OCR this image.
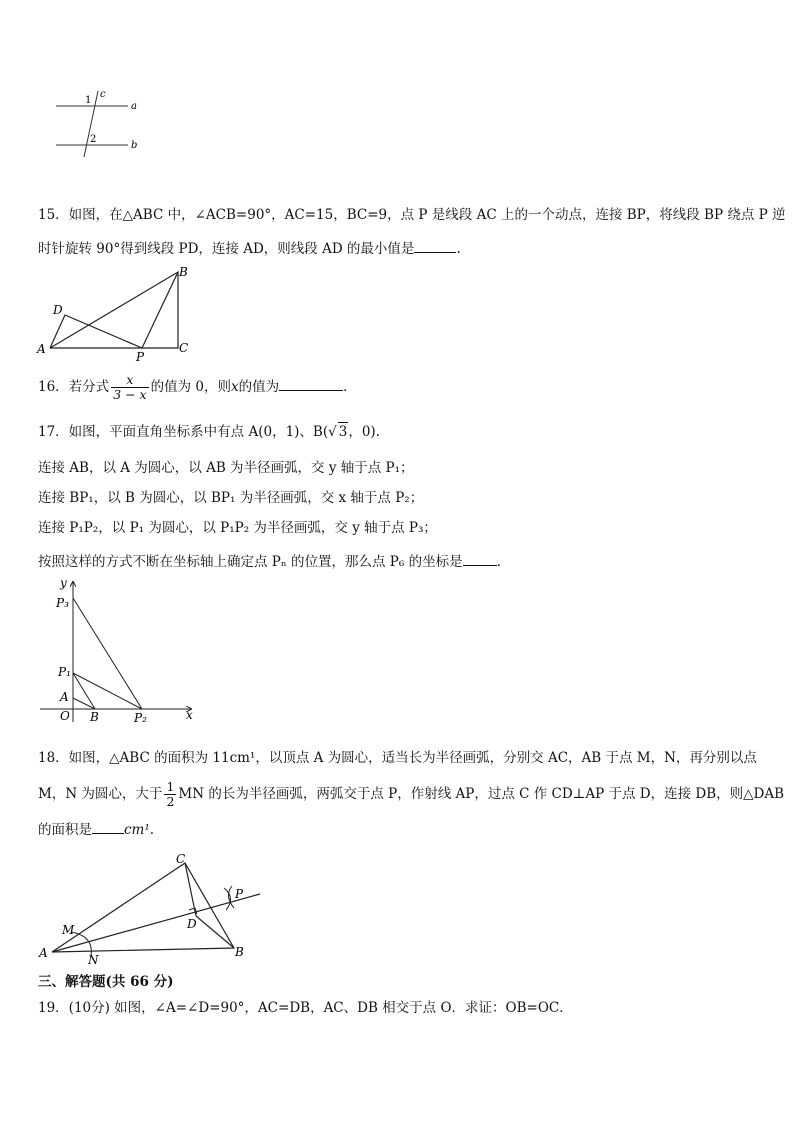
c
a
b
1
2
15．如图，在△ABC 中，∠ACB=90°，AC=15，BC=9，点 P 是线段 AC 上的一个动点，连接 BP，将线段 BP 绕点 P 逆
时针旋转 90°得到线段 PD，连接 AD，则线段 AD 的最小值是	.
A
B
C
D
P
16．若分式 $\frac{x}{3 - x}$ 的值为 0，则x的值为	.
17．如图，平面直角坐标系中有点 A(0，1)、B(√ 3，0).
连接 AB，以 A 为圆心，以 AB 为半径画弧，交 y 轴于点 P₁；
连接 BP₁，以 B 为圆心，以 BP₁ 为半径画弧，交 x 轴于点 P₂；
连接 P₁P₂，以 P₁ 为圆心，以 P₁P₂ 为半径画弧，交 y 轴于点 P₃；
按照这样的方式不断在坐标轴上确定点 Pₙ 的位置，那么点 P₆ 的坐标是	.
y
x
O
A
B
P₁
P₂
P₃
18．如图，△ABC 的面积为 11cm¹，以顶点 A 为圆心，适当长为半径画弧，分别交 AC，AB 于点 M，N，再分别以点
M，N 为圆心，大于 $\frac{1}{2}$ MN 的长为半径画弧，两弧交于点 P，作射线 AP，过点 C 作 CD⊥AP 于点 D，连接 DB，则△DAB
的面积是 cm¹.
A	B
C
D
M
N
P
三、解答题(共 66 分)
19．(10分) 如图，∠A=∠D=90°，AC=DB，AC、DB 相交于点 O．求证：OB=OC．
